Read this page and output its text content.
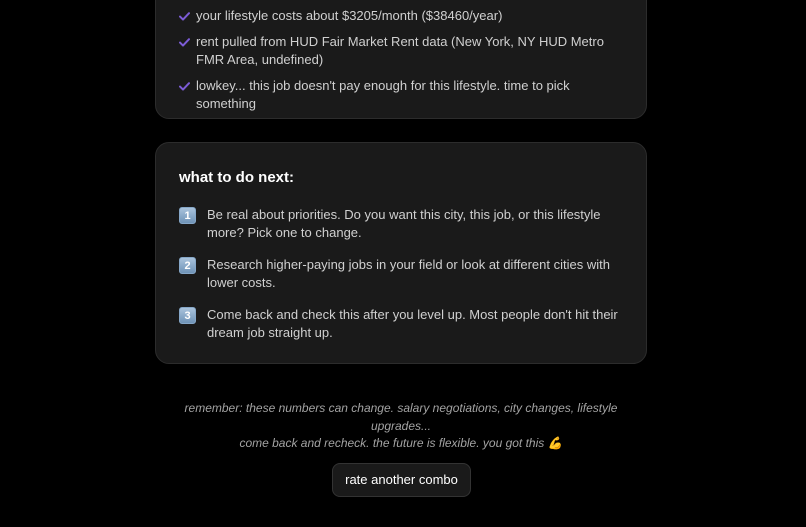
your lifestyle costs about $3205/month ($38460/year)
rent pulled from HUD Fair Market Rent data (New York, NY HUD Metro FMR Area, undefined)
lowkey... this job doesn't pay enough for this lifestyle. time to pick something
what to do next:
1	Be real about priorities. Do you want this city, this job, or this lifestyle more? Pick one to change.
2	Research higher-paying jobs in your field or look at different cities with lower costs.
3	Come back and check this after you level up. Most people don't hit their dream job straight up.

remember: these numbers can change. salary negotiations, city changes, lifestyle upgrades...
come back and recheck. the future is flexible. you got this 💪

rate another combo
